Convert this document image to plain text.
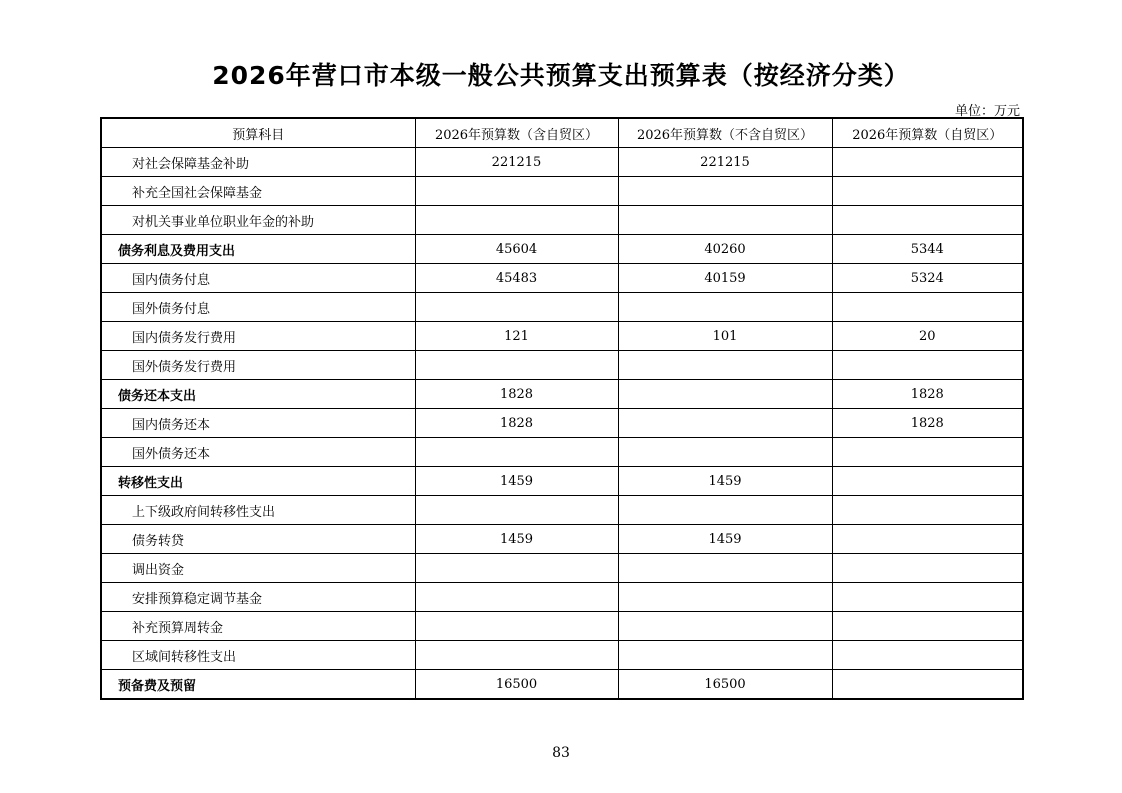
2026年营口市本级一般公共预算支出预算表（按经济分类）
单位：万元
预算科目	2026年预算数（含自贸区）	2026年预算数（不含自贸区）	2026年预算数（自贸区）
对社会保障基金补助	221215	221215	
补充全国社会保障基金			
对机关事业单位职业年金的补助			
债务利息及费用支出	45604	40260	5344
国内债务付息	45483	40159	5324
国外债务付息			
国内债务发行费用	121	101	20
国外债务发行费用			
债务还本支出	1828		1828
国内债务还本	1828		1828
国外债务还本			
转移性支出	1459	1459	
上下级政府间转移性支出			
债务转贷	1459	1459	
调出资金			
安排预算稳定调节基金			
补充预算周转金			
区域间转移性支出			
预备费及预留	16500	16500	
83
